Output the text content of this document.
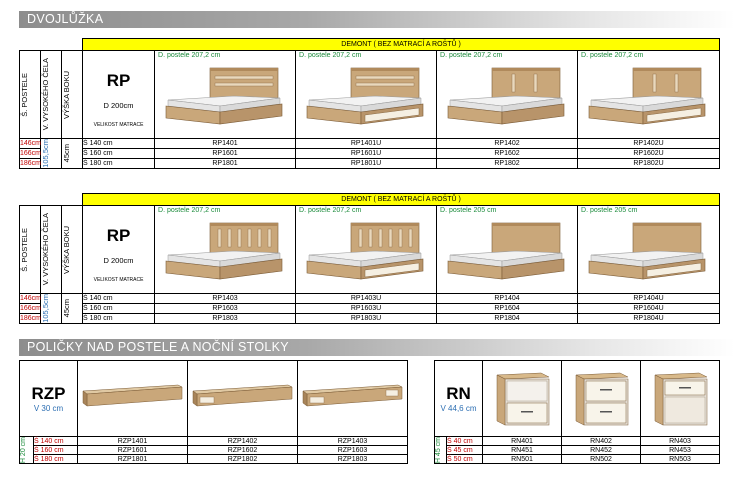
DVOJLŮŽKA
			DEMONT ( BEZ MATRACÍ A ROŠTŮ )				

Š. POSTELE	V. VYSOKÉHO ČELA	VÝŠKA BOKU	RP
D 200cm
VELIKOST MATRACE	D. postele 207,2 cm	D. postele 207,2 cm	D. postele 207,2 cm	D. postele 207,2 cm

146cm	105,5cm	45cm	Š 140 cm	RP1401	RP1401U	RP1402	RP1402U
166cm			Š 160 cm	RP1601	RP1601U	RP1602	RP1602U
186cm			Š 180 cm	RP1801	RP1801U	RP1802	RP1802U
			DEMONT ( BEZ MATRACÍ A ROŠTŮ )				

Š. POSTELE	V. VYSOKÉHO ČELA	VÝŠKA BOKU	RP
D 200cm
VELIKOST MATRACE	D. postele 207,2 cm	D. postele 207,2 cm	D. postele 205 cm	D. postele 205 cm

146cm	105,5cm	45cm	Š 140 cm	RP1403	RP1403U	RP1404	RP1404U
166cm			Š 160 cm	RP1603	RP1603U	RP1604	RP1604U
186cm			Š 180 cm	RP1803	RP1803U	RP1804	RP1804U
POLIČKY NAD POSTELE A NOČNÍ STOLKY
RZP
V 30 cm

H 20 cm	Š 140 cm	RZP1401	RZP1402	RZP1403
	Š 160 cm	RZP1601	RZP1602	RZP1603
	Š 180 cm	RZP1801	RZP1802	RZP1803
RN
V 44,6 cm

H 45 cm	Š 40 cm	RN401	RN402	RN403
	Š 45 cm	RN451	RN452	RN453
	Š 50 cm	RN501	RN502	RN503
